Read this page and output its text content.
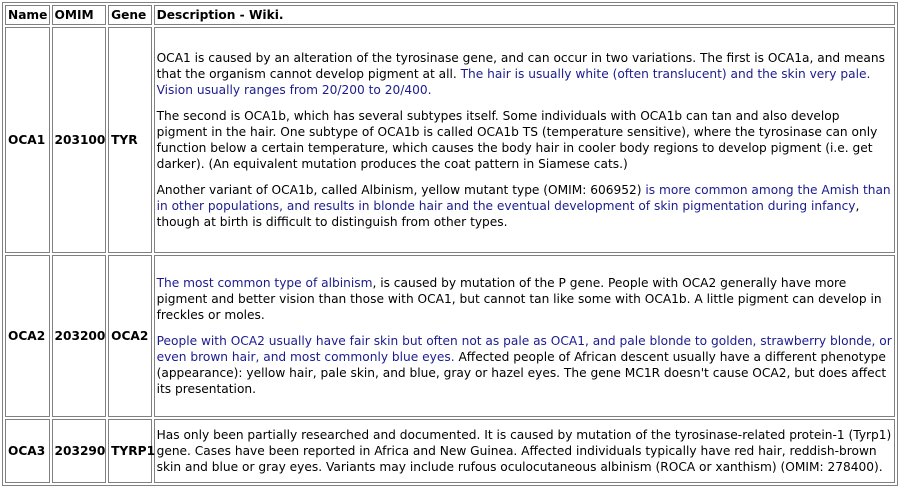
Name	OMIM	Gene	Description - Wiki.
OCA1	203100	TYR	OCA1 is caused by an alteration of the tyrosinase gene, and can occur in two variations. The first is OCA1a, and means that the organism cannot develop pigment at all. The hair is usually white (often translucent) and the skin very pale. Vision usually ranges from 20/200 to 20/400.

The second is OCA1b, which has several subtypes itself. Some individuals with OCA1b can tan and also develop pigment in the hair. One subtype of OCA1b is called OCA1b TS (temperature sensitive), where the tyrosinase can only function below a certain temperature, which causes the body hair in cooler body regions to develop pigment (i.e. get darker). (An equivalent mutation produces the coat pattern in Siamese cats.)

Another variant of OCA1b, called Albinism, yellow mutant type (OMIM: 606952) is more common among the Amish than in other populations, and results in blonde hair and the eventual development of skin pigmentation during infancy, though at birth is difficult to distinguish from other types.

OCA2	203200	OCA2	The most common type of albinism, is caused by mutation of the P gene. People with OCA2 generally have more pigment and better vision than those with OCA1, but cannot tan like some with OCA1b. A little pigment can develop in freckles or moles.

People with OCA2 usually have fair skin but often not as pale as OCA1, and pale blonde to golden, strawberry blonde, or even brown hair, and most commonly blue eyes. Affected people of African descent usually have a different phenotype (appearance): yellow hair, pale skin, and blue, gray or hazel eyes. The gene MC1R doesn't cause OCA2, but does affect its presentation.

OCA3	203290	TYRP1	Has only been partially researched and documented. It is caused by mutation of the tyrosinase-related protein-1 (Tyrp1) gene. Cases have been reported in Africa and New Guinea. Affected individuals typically have red hair, reddish-brown skin and blue or gray eyes. Variants may include rufous oculocutaneous albinism (ROCA or xanthism) (OMIM: 278400).
